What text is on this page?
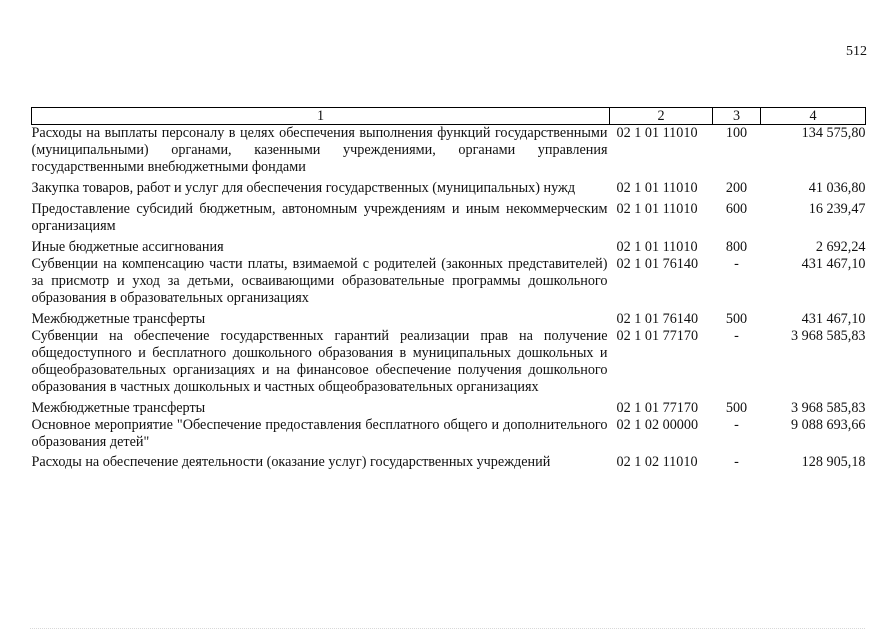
512
1	2	3	4
Расходы на выплаты персоналу в целях обеспечения выполнения функций государственными (муниципальными) органами, казенными учреждениями, органами управления государственными внебюджетными фондами	02 1 01 11010	100	134 575,80
Закупка товаров, работ и услуг для обеспечения государственных (муниципальных) нужд	02 1 01 11010	200	41 036,80
Предоставление субсидий бюджетным, автономным учреждениям и иным некоммерческим организациям	02 1 01 11010	600	16 239,47
Иные бюджетные ассигнования	02 1 01 11010	800	2 692,24
Субвенции на компенсацию части платы, взимаемой с родителей (законных представителей) за присмотр и уход за детьми, осваивающими образовательные программы дошкольного образования в образовательных организациях	02 1 01 76140	-	431 467,10
Межбюджетные трансферты	02 1 01 76140	500	431 467,10
Субвенции на обеспечение государственных гарантий реализации прав на получение общедоступного и бесплатного дошкольного образования в муниципальных дошкольных и общеобразовательных организациях и на финансовое обеспечение получения дошкольного образования в частных дошкольных и частных общеобразовательных организациях	02 1 01 77170	-	3 968 585,83
Межбюджетные трансферты	02 1 01 77170	500	3 968 585,83
Основное мероприятие "Обеспечение предоставления бесплатного общего и дополнительного образования детей"	02 1 02 00000	-	9 088 693,66
Расходы на обеспечение деятельности (оказание услуг) государственных учреждений	02 1 02 11010	-	128 905,18
